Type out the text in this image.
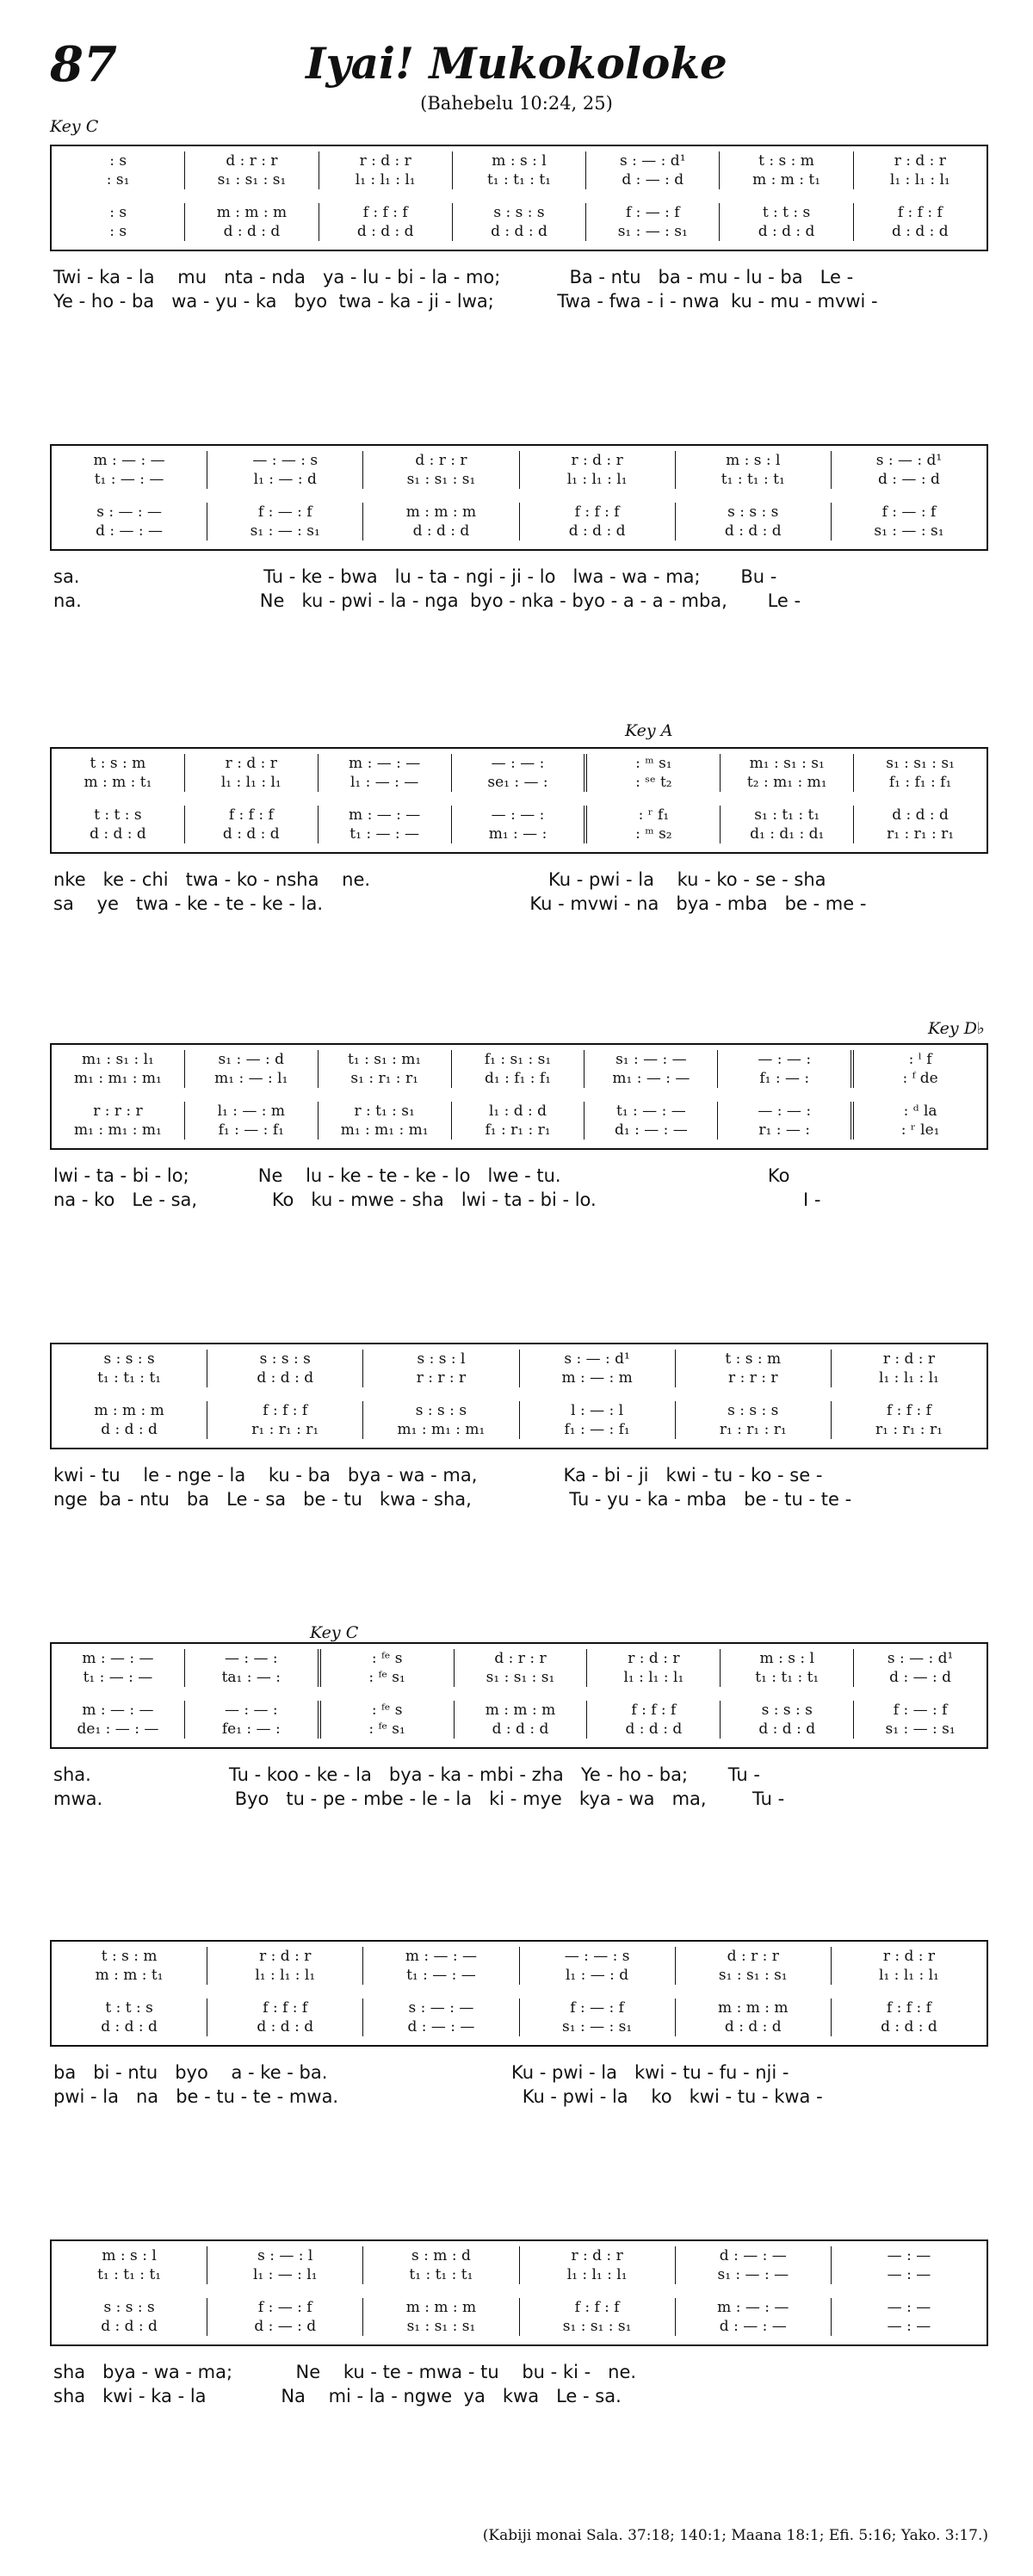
87	Iyai! Mukokoloke
(Bahebelu 10:24, 25)
Key C
Key A
Key D♭
Key C
: s	d : r : r	r : d : r	m : s : l	s : — : d¹	t : s : m	r : d : r
: s₁	s₁ : s₁ : s₁	l₁ : l₁ : l₁	t₁ : t₁ : t₁	d : — : d	m : m : t₁	l₁ : l₁ : l₁
: s	m : m : m	f : f : f	s : s : s	f : — : f	t : t : s	f : f : f
: s	d : d : d	d : d : d	d : d : d	s₁ : — : s₁	d : d : d	d : d : d
Twi - ka - la    mu   nta - nda   ya - lu - bi - la - mo;            Ba - ntu   ba - mu - lu - ba   Le -
Ye - ho - ba   wa - yu - ka   byo  twa - ka - ji - lwa;           Twa - fwa - i - nwa  ku - mu - mvwi -
m : — : —	— : — : s	d : r : r	r : d : r	m : s : l	s : — : d¹
t₁ : — : —	l₁ : — : d	s₁ : s₁ : s₁	l₁ : l₁ : l₁	t₁ : t₁ : t₁	d : — : d
s : — : —	f : — : f	m : m : m	f : f : f	s : s : s	f : — : f
d : — : —	s₁ : — : s₁	d : d : d	d : d : d	d : d : d	s₁ : — : s₁
sa.                                Tu - ke - bwa   lu - ta - ngi - ji - lo   lwa - wa - ma;       Bu -
na.                               Ne   ku - pwi - la - nga  byo - nka - byo - a - a - mba,       Le -
t : s : m	r : d : r	m : — : —	— : — :	: ᵐ s₁	m₁ : s₁ : s₁	s₁ : s₁ : s₁
m : m : t₁	l₁ : l₁ : l₁	l₁ : — : —	se₁ : — :	: ˢᵉ t₂	t₂ : m₁ : m₁	f₁ : f₁ : f₁
t : t : s	f : f : f	m : — : —	— : — :	: ʳ f₁	s₁ : t₁ : t₁	d : d : d
d : d : d	d : d : d	t₁ : — : —	m₁ : — :	: ᵐ s₂	d₁ : d₁ : d₁	r₁ : r₁ : r₁
nke   ke - chi   twa - ko - nsha    ne.                               Ku - pwi - la    ku - ko - se - sha
sa    ye   twa - ke - te - ke - la.                                    Ku - mvwi - na   bya - mba   be - me -
m₁ : s₁ : l₁	s₁ : — : d	t₁ : s₁ : m₁	f₁ : s₁ : s₁	s₁ : — : —	— : — :	: ˡ f
m₁ : m₁ : m₁	m₁ : — : l₁	s₁ : r₁ : r₁	d₁ : f₁ : f₁	m₁ : — : —	f₁ : — :	: ᶠ de
r : r : r	l₁ : — : m	r : t₁ : s₁	l₁ : d : d	t₁ : — : —	— : — :	: ᵈ la
m₁ : m₁ : m₁	f₁ : — : f₁	m₁ : m₁ : m₁	f₁ : r₁ : r₁	d₁ : — : —	r₁ : — :	: ʳ le₁
lwi - ta - bi - lo;            Ne    lu - ke - te - ke - lo   lwe - tu.                                    Ko
na - ko   Le - sa,             Ko   ku - mwe - sha   lwi - ta - bi - lo.                                    I -
s : s : s	s : s : s	s : s : l	s : — : d¹	t : s : m	r : d : r
t₁ : t₁ : t₁	d : d : d	r : r : r	m : — : m	r : r : r	l₁ : l₁ : l₁
m : m : m	f : f : f	s : s : s	l : — : l	s : s : s	f : f : f
d : d : d	r₁ : r₁ : r₁	m₁ : m₁ : m₁	f₁ : — : f₁	r₁ : r₁ : r₁	r₁ : r₁ : r₁
kwi - tu    le - nge - la    ku - ba   bya - wa - ma,               Ka - bi - ji   kwi - tu - ko - se -
nge  ba - ntu   ba   Le - sa   be - tu   kwa - sha,                 Tu - yu - ka - mba   be - tu - te -
m : — : —	— : — :	: ᶠᵉ s	d : r : r	r : d : r	m : s : l	s : — : d¹
t₁ : — : —	ta₁ : — :	: ᶠᵉ s₁	s₁ : s₁ : s₁	l₁ : l₁ : l₁	t₁ : t₁ : t₁	d : — : d
m : — : —	— : — :	: ᶠᵉ s	m : m : m	f : f : f	s : s : s	f : — : f
de₁ : — : —	fe₁ : — :	: ᶠᵉ s₁	d : d : d	d : d : d	d : d : d	s₁ : — : s₁
sha.                        Tu - koo - ke - la   bya - ka - mbi - zha   Ye - ho - ba;       Tu -
mwa.                       Byo   tu - pe - mbe - le - la   ki - mye   kya - wa   ma,        Tu -
t : s : m	r : d : r	m : — : —	— : — : s	d : r : r	r : d : r
m : m : t₁	l₁ : l₁ : l₁	t₁ : — : —	l₁ : — : d	s₁ : s₁ : s₁	l₁ : l₁ : l₁
t : t : s	f : f : f	s : — : —	f : — : f	m : m : m	f : f : f
d : d : d	d : d : d	d : — : —	s₁ : — : s₁	d : d : d	d : d : d
ba   bi - ntu   byo    a - ke - ba.                                Ku - pwi - la   kwi - tu - fu - nji -
pwi - la   na   be - tu - te - mwa.                                Ku - pwi - la    ko   kwi - tu - kwa -
m : s : l	s : — : l	s : m : d	r : d : r	d : — : —	— : —
t₁ : t₁ : t₁	l₁ : — : l₁	t₁ : t₁ : t₁	l₁ : l₁ : l₁	s₁ : — : —	— : —
s : s : s	f : — : f	m : m : m	f : f : f	m : — : —	— : —
d : d : d	d : — : d	s₁ : s₁ : s₁	s₁ : s₁ : s₁	d : — : —	— : —
sha   bya - wa - ma;           Ne    ku - te - mwa - tu    bu - ki -   ne.
sha   kwi - ka - la             Na    mi - la - ngwe  ya   kwa   Le - sa.
(Kabiji monai Sala. 37:18; 140:1; Maana 18:1; Efi. 5:16; Yako. 3:17.)
